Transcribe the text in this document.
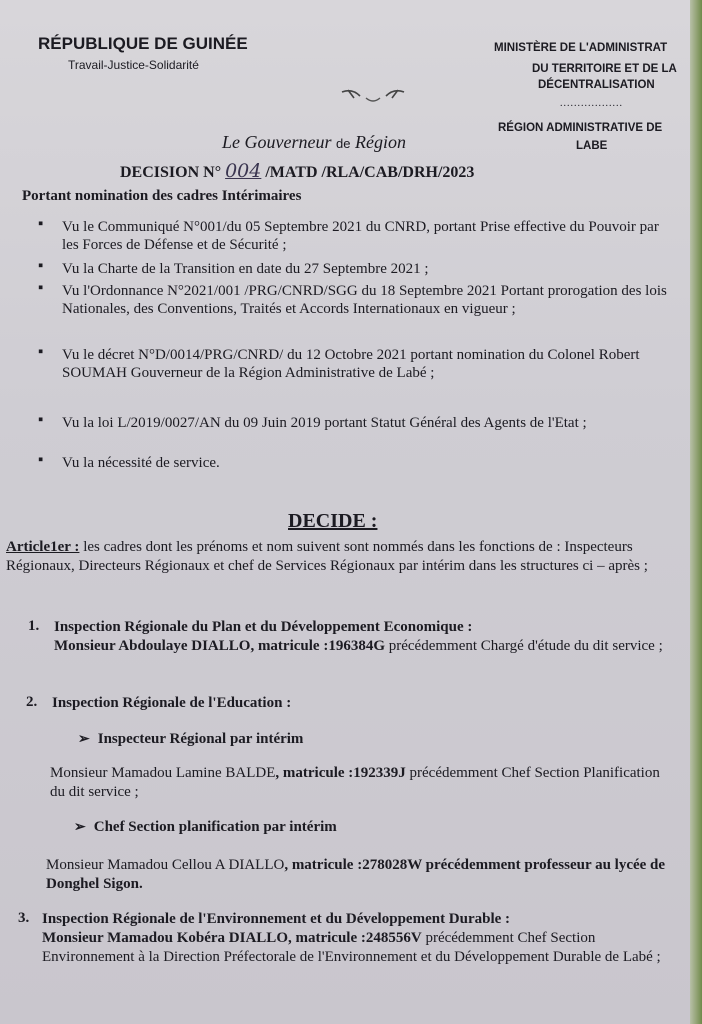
RÉPUBLIQUE DE GUINÉE
Travail-Justice-Solidarité
MINISTÈRE DE L'ADMINISTRAT
DU TERRITOIRE ET DE LA
DÉCENTRALISATION
..................
RÉGION ADMINISTRATIVE DE
LABE
Le Gouverneur de Région
DECISION N° 004 /MATD /RLA/CAB/DRH/2023
Portant nomination des cadres Intérimaires
▪ Vu le Communiqué N°001/du 05 Septembre 2021 du CNRD, portant Prise effective du Pouvoir par les Forces de Défense et de Sécurité ;
▪ Vu la Charte de la Transition en date du 27 Septembre 2021 ;
▪ Vu l'Ordonnance N°2021/001 /PRG/CNRD/SGG du 18 Septembre 2021 Portant prorogation des lois Nationales, des Conventions, Traités et Accords Internationaux en vigueur ;
▪ Vu le décret N°D/0014/PRG/CNRD/ du 12 Octobre 2021 portant nomination du Colonel Robert SOUMAH Gouverneur de la Région Administrative de Labé ;
▪ Vu la loi L/2019/0027/AN du 09 Juin 2019 portant Statut Général des Agents de l'Etat ;
▪ Vu la nécessité de service.
DECIDE :
Article1er : les cadres dont les prénoms et nom suivent sont nommés dans les fonctions de : Inspecteurs Régionaux, Directeurs Régionaux et chef de Services Régionaux par intérim dans les structures ci – après ;
1. Inspection Régionale du Plan et du Développement Economique :
Monsieur Abdoulaye DIALLO, matricule :196384G précédemment Chargé d'étude du dit service ;
2. Inspection Régionale de l'Education :
➢ Inspecteur Régional par intérim
Monsieur Mamadou Lamine BALDE, matricule :192339J précédemment Chef Section Planification du dit service ;
➢ Chef Section planification par intérim
Monsieur Mamadou Cellou A DIALLO, matricule :278028W précédemment professeur au lycée de Donghel Sigon.
3. Inspection Régionale de l'Environnement et du Développement Durable :
Monsieur Mamadou Kobéra DIALLO, matricule :248556V précédemment Chef Section Environnement à la Direction Préfectorale de l'Environnement et du Développement Durable de Labé ;
